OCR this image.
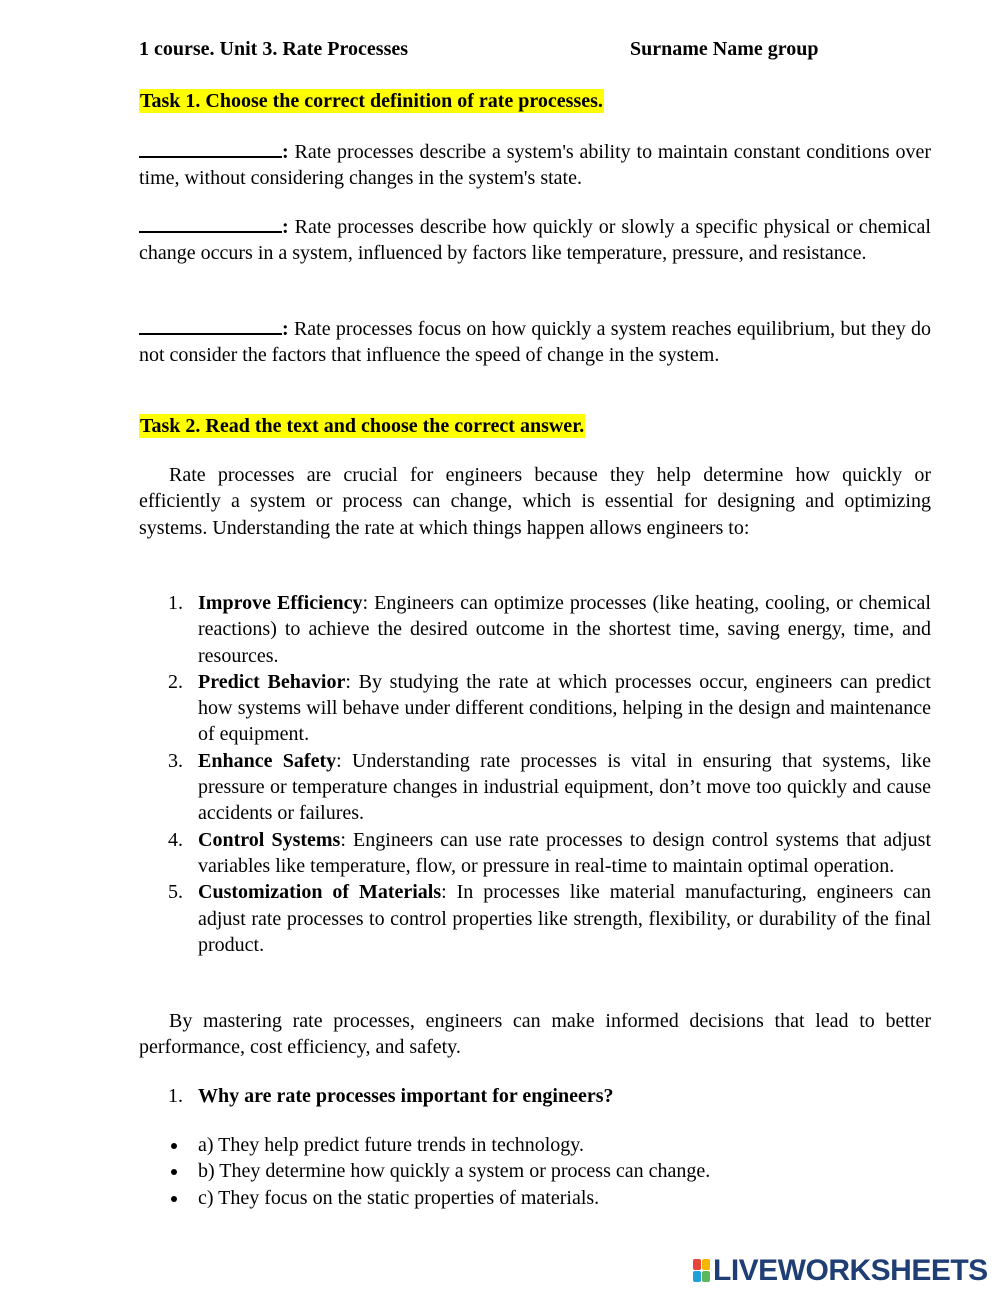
1 course. Unit 3. Rate Processes	Surname Name group
Task 1. Choose the correct definition of rate processes.
: Rate processes describe a system's ability to maintain constant conditions over time, without considering changes in the system's state.
: Rate processes describe how quickly or slowly a specific physical or chemical change occurs in a system, influenced by factors like temperature, pressure, and resistance.
: Rate processes focus on how quickly a system reaches equilibrium, but they do not consider the factors that influence the speed of change in the system.
Task 2. Read the text and choose the correct answer.
Rate processes are crucial for engineers because they help determine how quickly or efficiently a system or process can change, which is essential for designing and optimizing systems. Understanding the rate at which things happen allows engineers to:
1. Improve Efficiency: Engineers can optimize processes (like heating, cooling, or chemical reactions) to achieve the desired outcome in the shortest time, saving energy, time, and resources.
2. Predict Behavior: By studying the rate at which processes occur, engineers can predict how systems will behave under different conditions, helping in the design and maintenance of equipment.
3. Enhance Safety: Understanding rate processes is vital in ensuring that systems, like pressure or temperature changes in industrial equipment, don’t move too quickly and cause accidents or failures.
4. Control Systems: Engineers can use rate processes to design control systems that adjust variables like temperature, flow, or pressure in real-time to maintain optimal operation.
5. Customization of Materials: In processes like material manufacturing, engineers can adjust rate processes to control properties like strength, flexibility, or durability of the final product.
By mastering rate processes, engineers can make informed decisions that lead to better performance, cost efficiency, and safety.
1. Why are rate processes important for engineers?
a) They help predict future trends in technology.
b) They determine how quickly a system or process can change.
c) They focus on the static properties of materials.
LIVEWORKSHEETS
